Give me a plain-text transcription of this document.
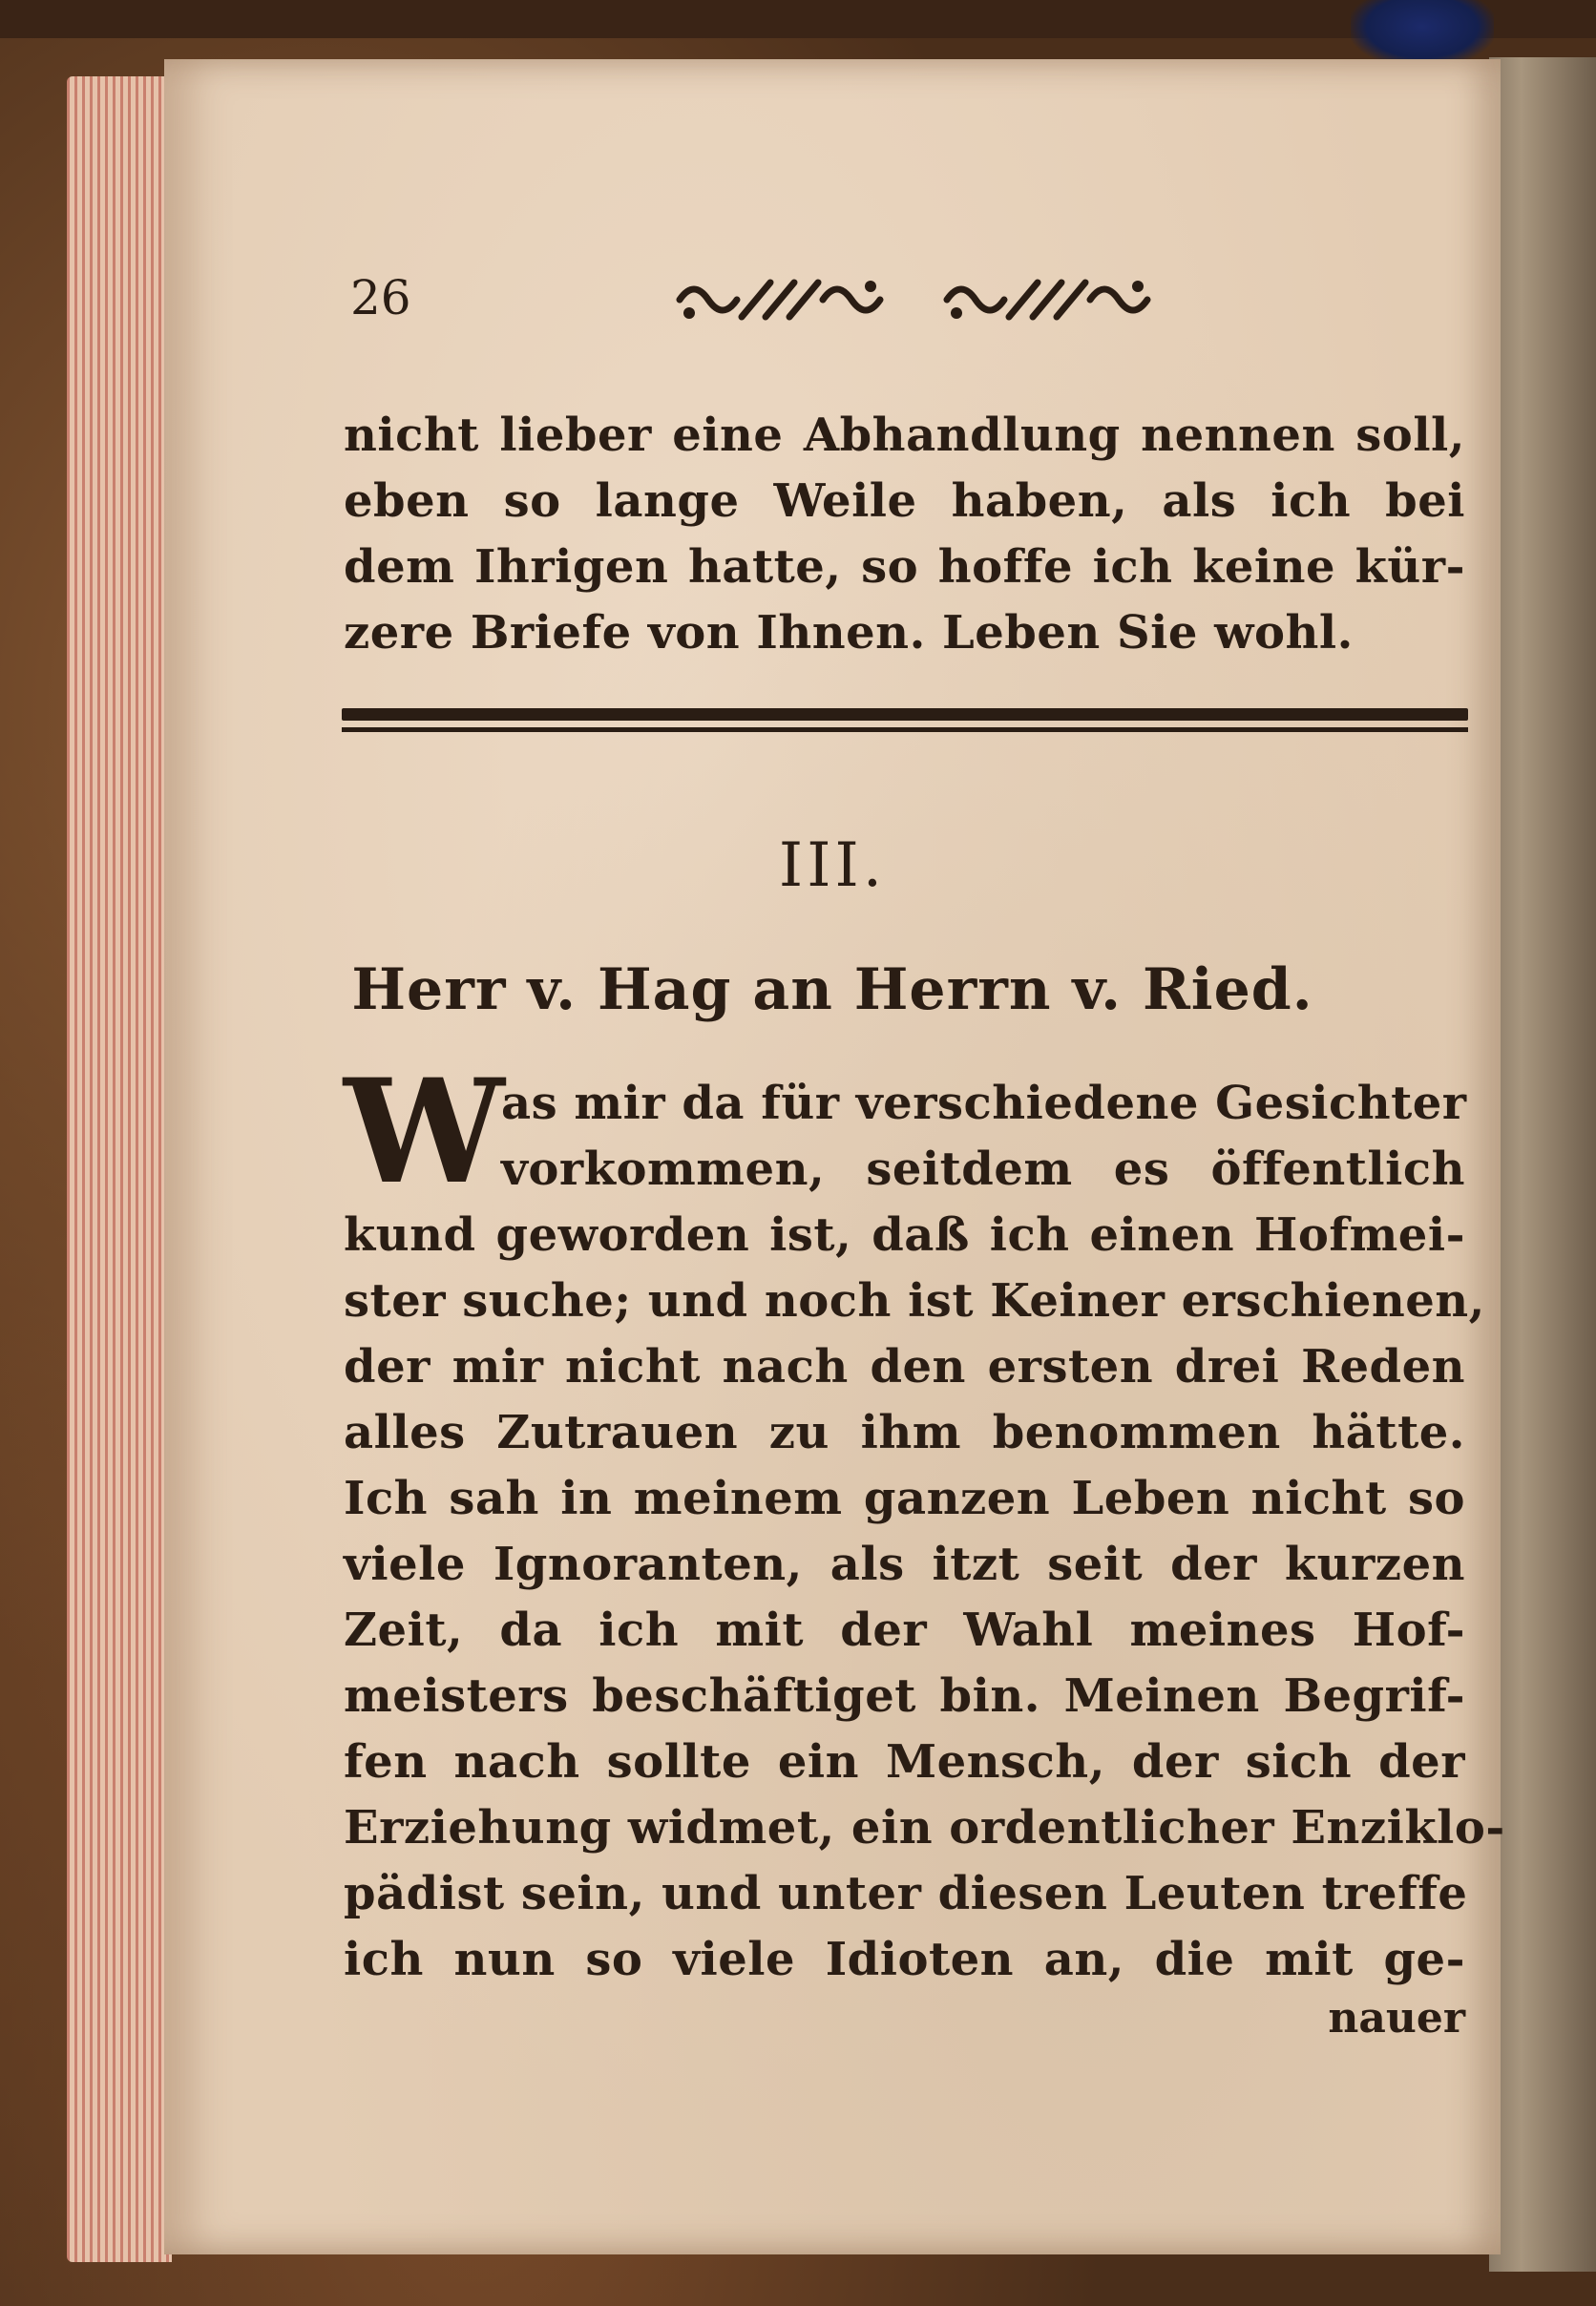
26
nicht lieber eine Abhandlung nennen soll,
eben so lange Weile haben, als ich bei
dem Ihrigen hatte, so hoffe ich keine kür-
zere Briefe von Ihnen. Leben Sie wohl.
III.
Herr v. Hag an Herrn v. Ried.
W
as mir da für verschiedene Gesichter
vorkommen, seitdem es öffentlich
kund geworden ist, daß ich einen Hofmei-
ster suche; und noch ist Keiner erschienen,
der mir nicht nach den ersten drei Reden
alles Zutrauen zu ihm benommen hätte.
Ich sah in meinem ganzen Leben nicht so
viele Ignoranten, als itzt seit der kurzen
Zeit, da ich mit der Wahl meines Hof-
meisters beschäftiget bin. Meinen Begrif-
fen nach sollte ein Mensch, der sich der
Erziehung widmet, ein ordentlicher Enziklo-
pädist sein, und unter diesen Leuten treffe
ich nun so viele Idioten an, die mit ge-
nauer
